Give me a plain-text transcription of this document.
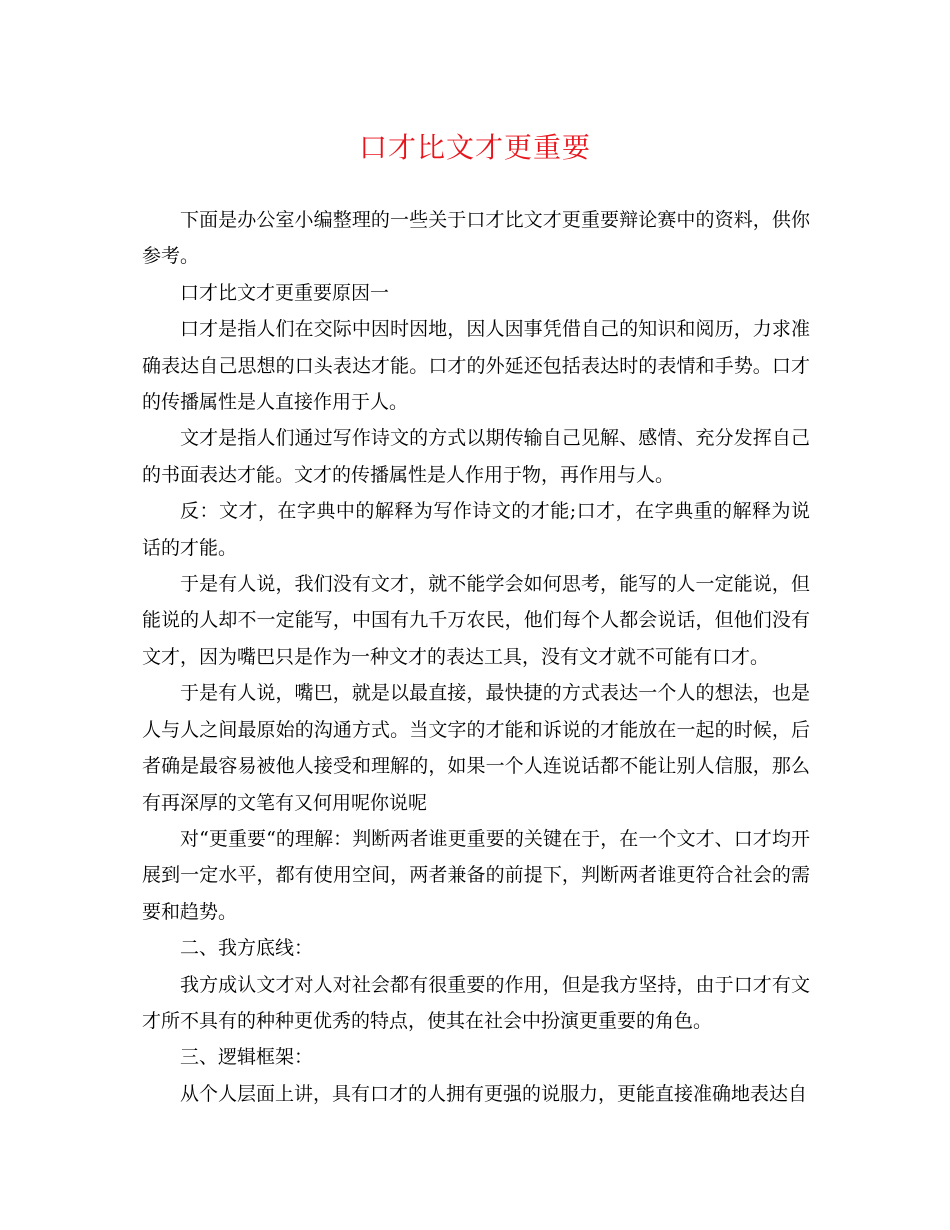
口才比文才更重要

下面是办公室小编整理的一些关于口才比文才更重要辩论赛中的资料，供你参考。

口才比文才更重要原因一

口才是指人们在交际中因时因地，因人因事凭借自己的知识和阅历，力求准确表达自己思想的口头表达才能。口才的外延还包括表达时的表情和手势。口才的传播属性是人直接作用于人。

文才是指人们通过写作诗文的方式以期传输自己见解、感情、充分发挥自己的书面表达才能。文才的传播属性是人作用于物，再作用与人。

反：文才，在字典中的解释为写作诗文的才能;口才，在字典重的解释为说话的才能。

于是有人说，我们没有文才，就不能学会如何思考，能写的人一定能说，但能说的人却不一定能写，中国有九千万农民，他们每个人都会说话，但他们没有文才，因为嘴巴只是作为一种文才的表达工具，没有文才就不可能有口才。

于是有人说，嘴巴，就是以最直接，最快捷的方式表达一个人的想法，也是人与人之间最原始的沟通方式。当文字的才能和诉说的才能放在一起的时候，后者确是最容易被他人接受和理解的，如果一个人连说话都不能让别人信服，那么有再深厚的文笔有又何用呢你说呢

对“更重要“的理解：判断两者谁更重要的关键在于，在一个文才、口才均开展到一定水平，都有使用空间，两者兼备的前提下，判断两者谁更符合社会的需要和趋势。

二、我方底线：

我方成认文才对人对社会都有很重要的作用，但是我方坚持，由于口才有文才所不具有的种种更优秀的特点，使其在社会中扮演更重要的角色。

三、逻辑框架：

从个人层面上讲，具有口才的人拥有更强的说服力，更能直接准确地表达自
